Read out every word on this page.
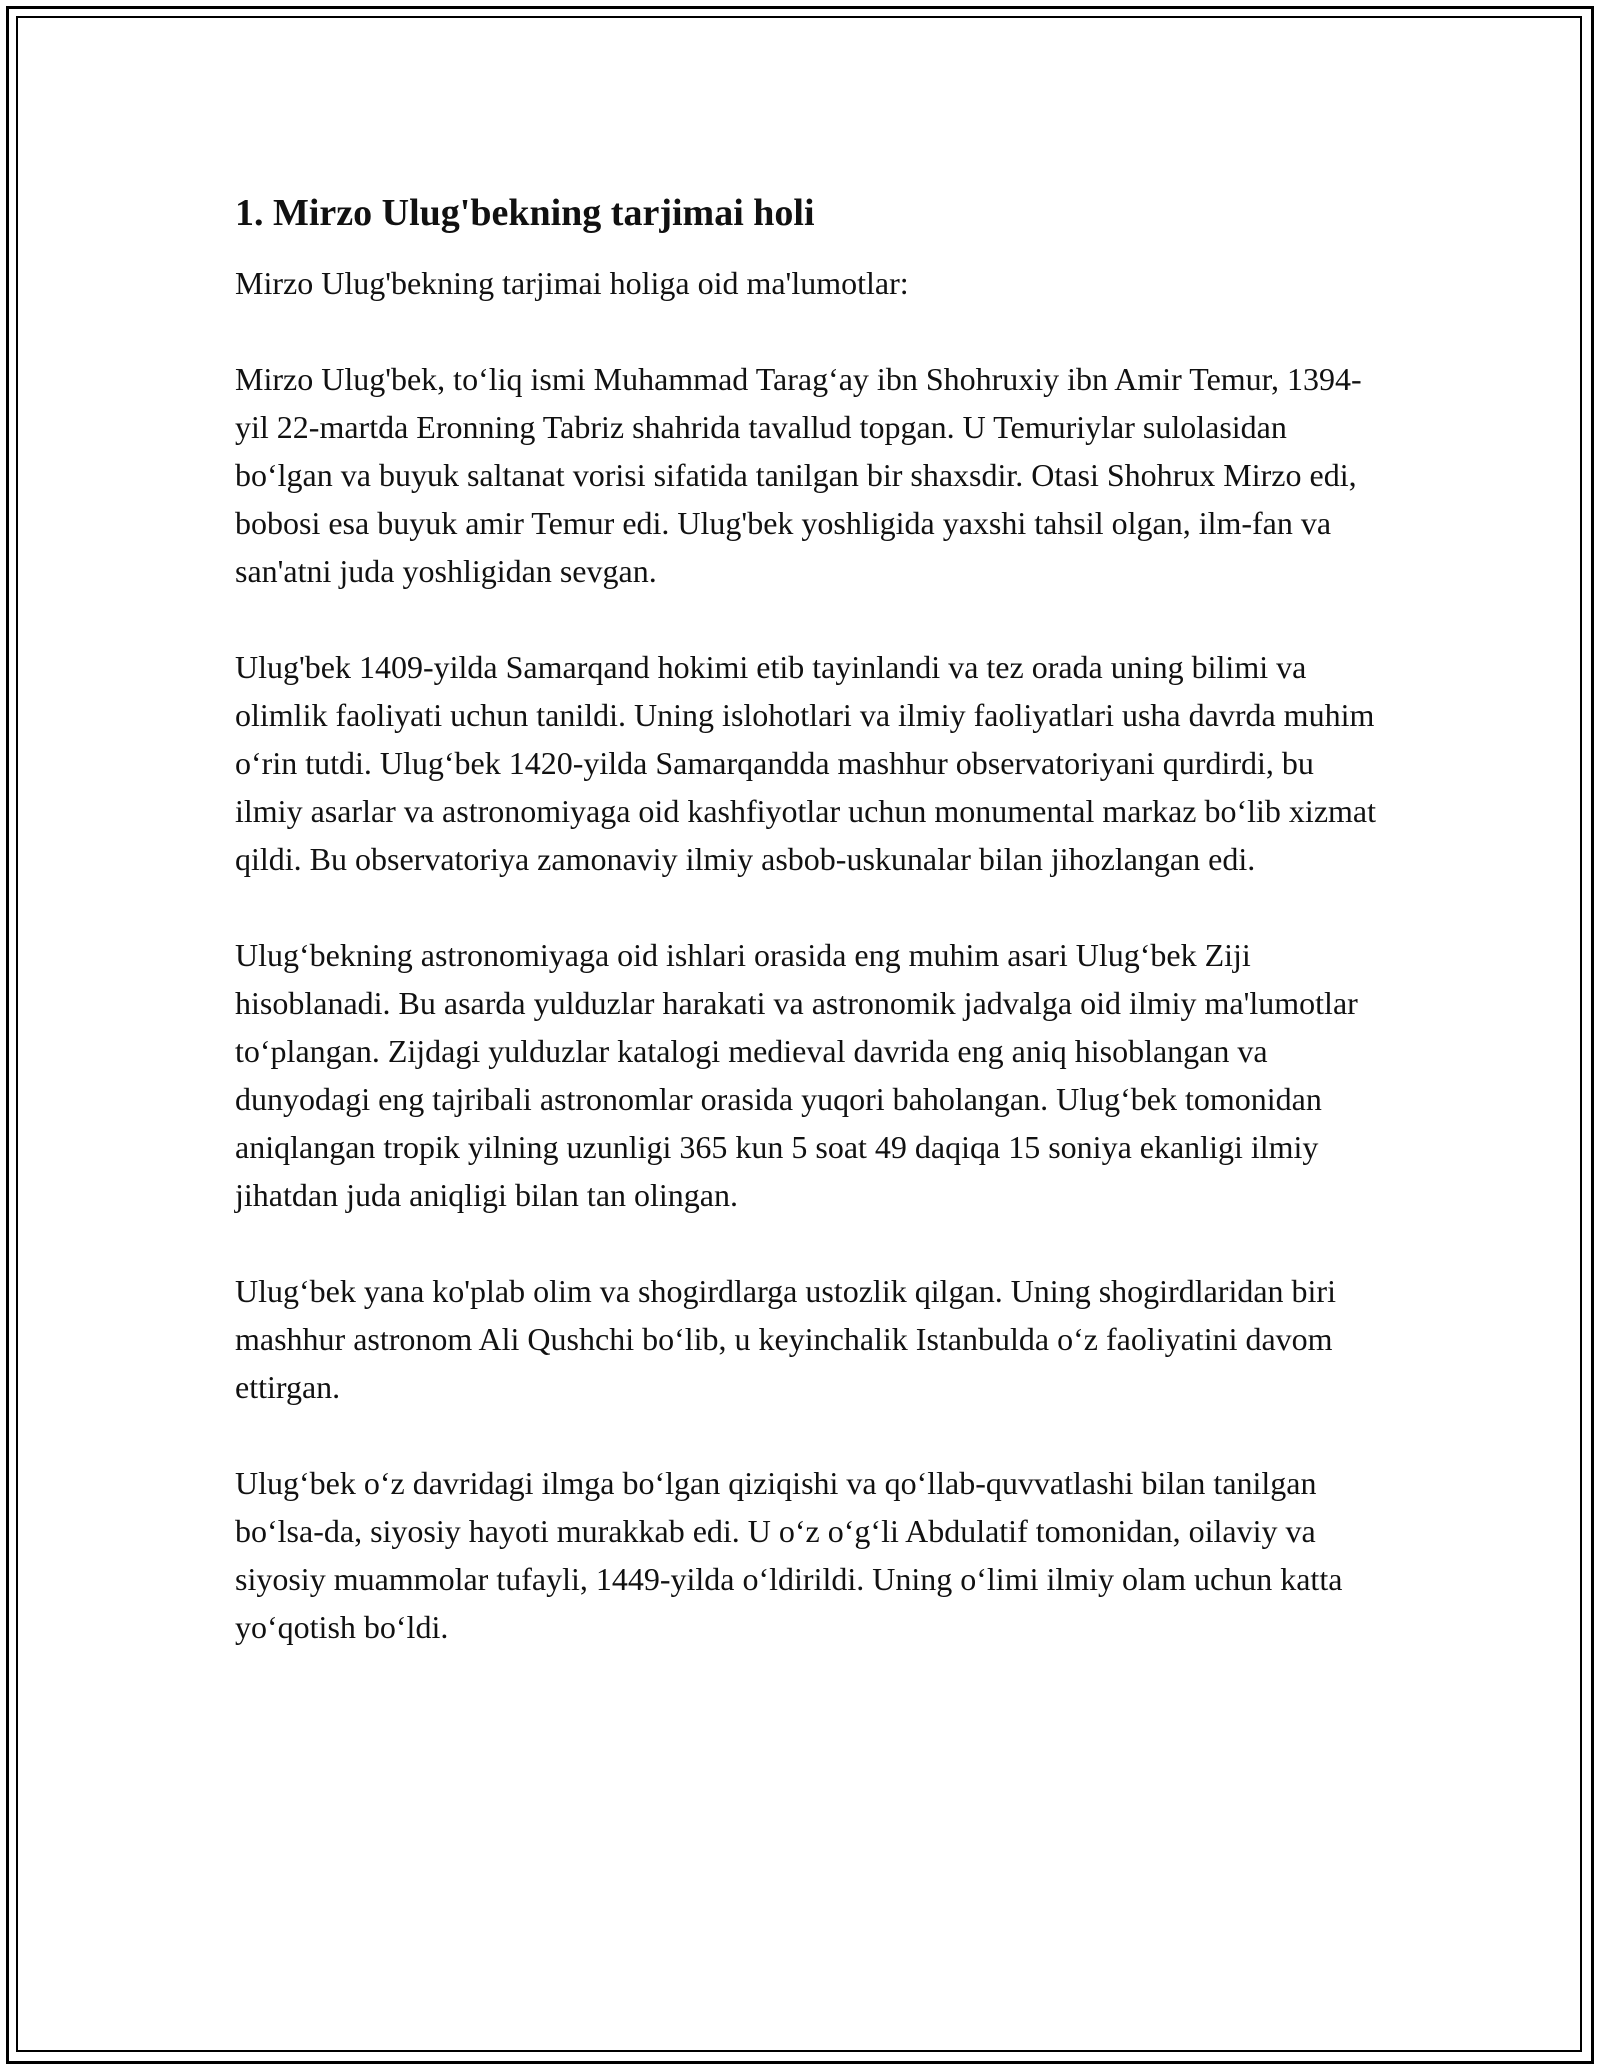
1. Mirzo Ulug'bekning tarjimai holi

Mirzo Ulug'bekning tarjimai holiga oid ma'lumotlar:

Mirzo Ulug'bek, to‘liq ismi Muhammad Tarag‘ay ibn Shohruxiy ibn Amir Temur, 1394-yil 22-martda Eronning Tabriz shahrida tavallud topgan. U Temuriylar sulolasidan bo‘lgan va buyuk saltanat vorisi sifatida tanilgan bir shaxsdir. Otasi Shohrux Mirzo edi, bobosi esa buyuk amir Temur edi. Ulug'bek yoshligida yaxshi tahsil olgan, ilm-fan va san'atni juda yoshligidan sevgan.

Ulug'bek 1409-yilda Samarqand hokimi etib tayinlandi va tez orada uning bilimi va olimlik faoliyati uchun tanildi. Uning islohotlari va ilmiy faoliyatlari usha davrda muhim o‘rin tutdi. Ulug‘bek 1420-yilda Samarqandda mashhur observatoriyani qurdirdi, bu ilmiy asarlar va astronomiyaga oid kashfiyotlar uchun monumental markaz bo‘lib xizmat qildi. Bu observatoriya zamonaviy ilmiy asbob-uskunalar bilan jihozlangan edi.

Ulug‘bekning astronomiyaga oid ishlari orasida eng muhim asari Ulug‘bek Ziji hisoblanadi. Bu asarda yulduzlar harakati va astronomik jadvalga oid ilmiy ma'lumotlar to‘plangan. Zijdagi yulduzlar katalogi medieval davrida eng aniq hisoblangan va dunyodagi eng tajribali astronomlar orasida yuqori baholangan. Ulug‘bek tomonidan aniqlangan tropik yilning uzunligi 365 kun 5 soat 49 daqiqa 15 soniya ekanligi ilmiy jihatdan juda aniqligi bilan tan olingan.

Ulug‘bek yana ko'plab olim va shogirdlarga ustozlik qilgan. Uning shogirdlaridan biri mashhur astronom Ali Qushchi bo‘lib, u keyinchalik Istanbulda o‘z faoliyatini davom ettirgan.

Ulug‘bek o‘z davridagi ilmga bo‘lgan qiziqishi va qo‘llab-quvvatlashi bilan tanilgan bo‘lsa-da, siyosiy hayoti murakkab edi. U o‘z o‘g‘li Abdulatif tomonidan, oilaviy va siyosiy muammolar tufayli, 1449-yilda o‘ldirildi. Uning o‘limi ilmiy olam uchun katta yo‘qotish bo‘ldi.
